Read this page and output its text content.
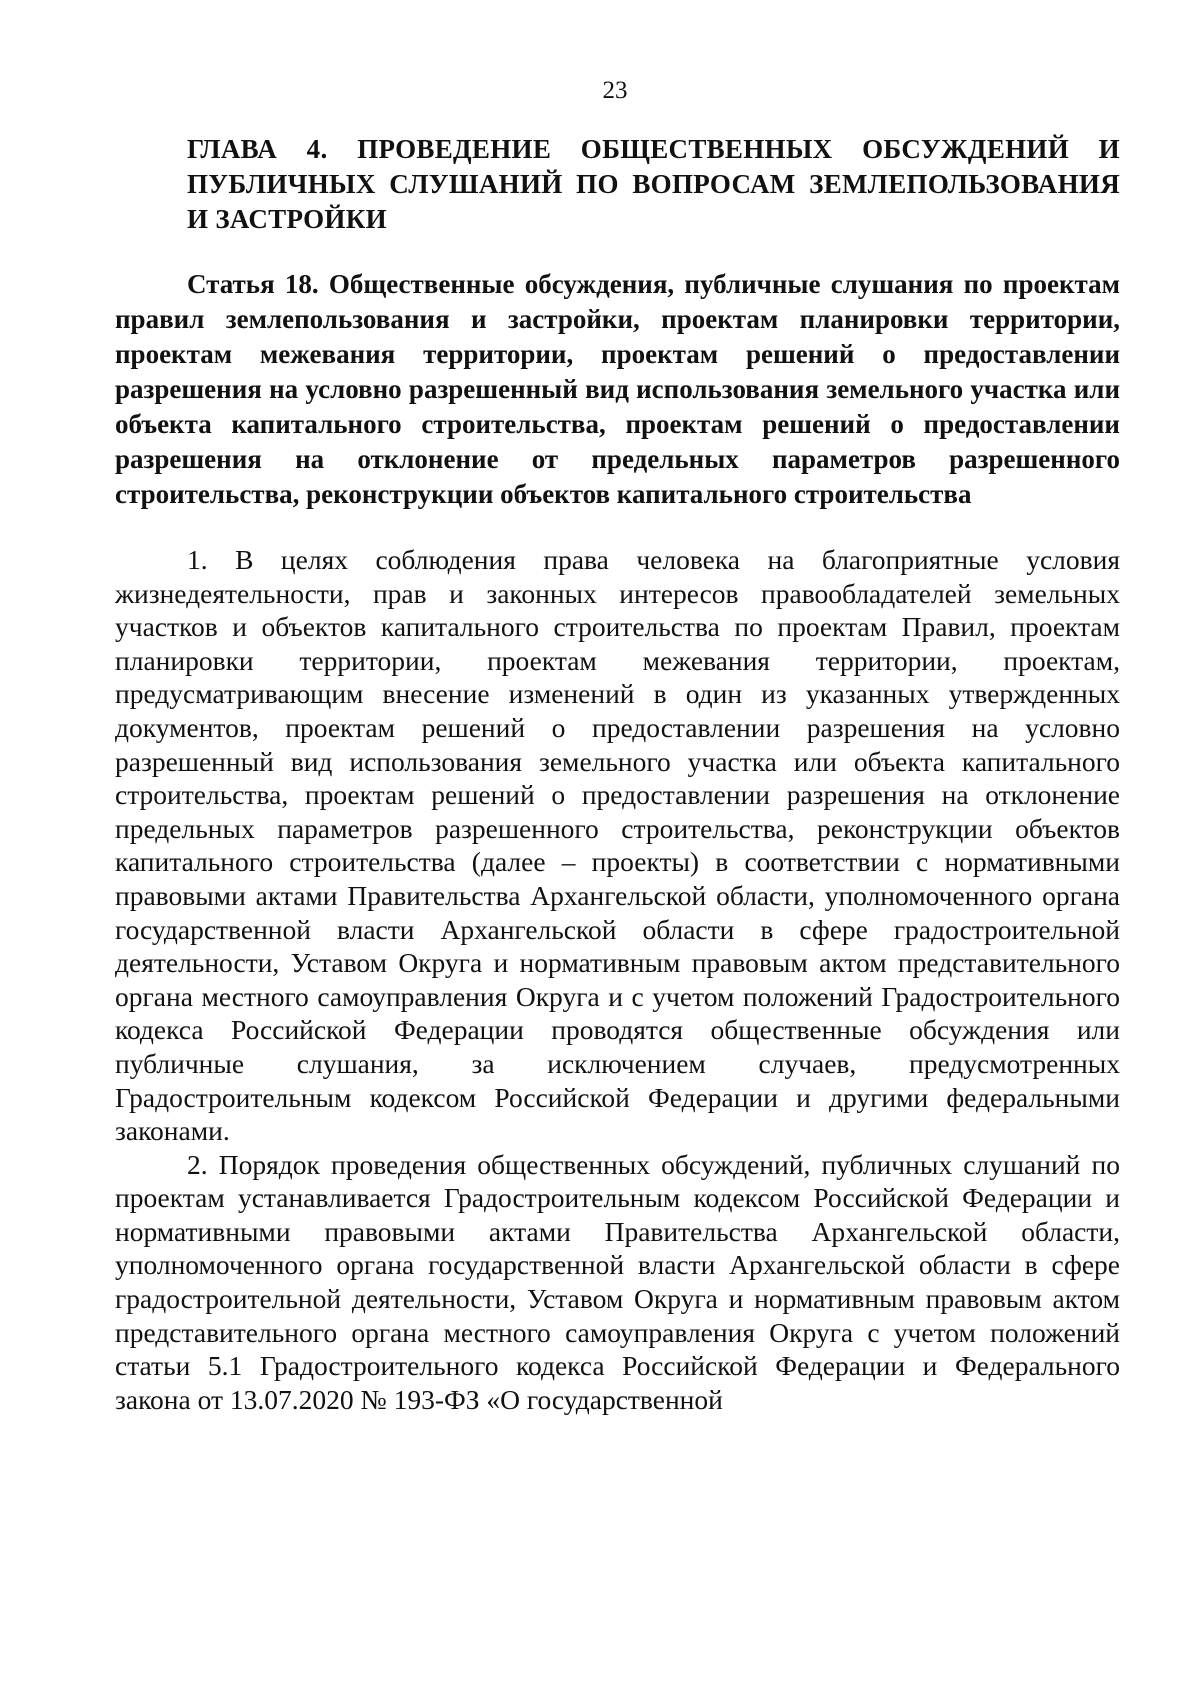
23
ГЛАВА 4. ПРОВЕДЕНИЕ ОБЩЕСТВЕННЫХ ОБСУЖДЕНИЙ И ПУБЛИЧНЫХ СЛУШАНИЙ ПО ВОПРОСАМ ЗЕМЛЕПОЛЬЗОВАНИЯ И ЗАСТРОЙКИ
Статья 18. Общественные обсуждения, публичные слушания по проектам правил землепользования и застройки, проектам планировки территории, проектам межевания территории, проектам решений о предоставлении разрешения на условно разрешенный вид использования земельного участка или объекта капитального строительства, проектам решений о предоставлении разрешения на отклонение от предельных параметров разрешенного строительства, реконструкции объектов капитального строительства

1. В целях соблюдения права человека на благоприятные условия жизнедеятельности, прав и законных интересов правообладателей земельных участков и объектов капитального строительства по проектам Правил, проектам планировки территории, проектам межевания территории, проектам, предусматривающим внесение изменений в один из указанных утвержденных документов, проектам решений о предоставлении разрешения на условно разрешенный вид использования земельного участка или объекта капитального строительства, проектам решений о предоставлении разрешения на отклонение предельных параметров разрешенного строительства, реконструкции объектов капитального строительства (далее – проекты) в соответствии с нормативными правовыми актами Правительства Архангельской области, уполномоченного органа государственной власти Архангельской области в сфере градостроительной деятельности, Уставом Округа и нормативным правовым актом представительного органа местного самоуправления Округа и с учетом положений Градостроительного кодекса Российской Федерации проводятся общественные обсуждения или публичные слушания, за исключением случаев, предусмотренных Градостроительным кодексом Российской Федерации и другими федеральными законами.

2. Порядок проведения общественных обсуждений, публичных слушаний по проектам устанавливается Градостроительным кодексом Российской Федерации и нормативными правовыми актами Правительства Архангельской области, уполномоченного органа государственной власти Архангельской области в сфере градостроительной деятельности, Уставом Округа и нормативным правовым актом представительного органа местного самоуправления Округа с учетом положений статьи 5.1 Градостроительного кодекса Российской Федерации и Федерального закона от 13.07.2020 № 193-ФЗ «О государственной
